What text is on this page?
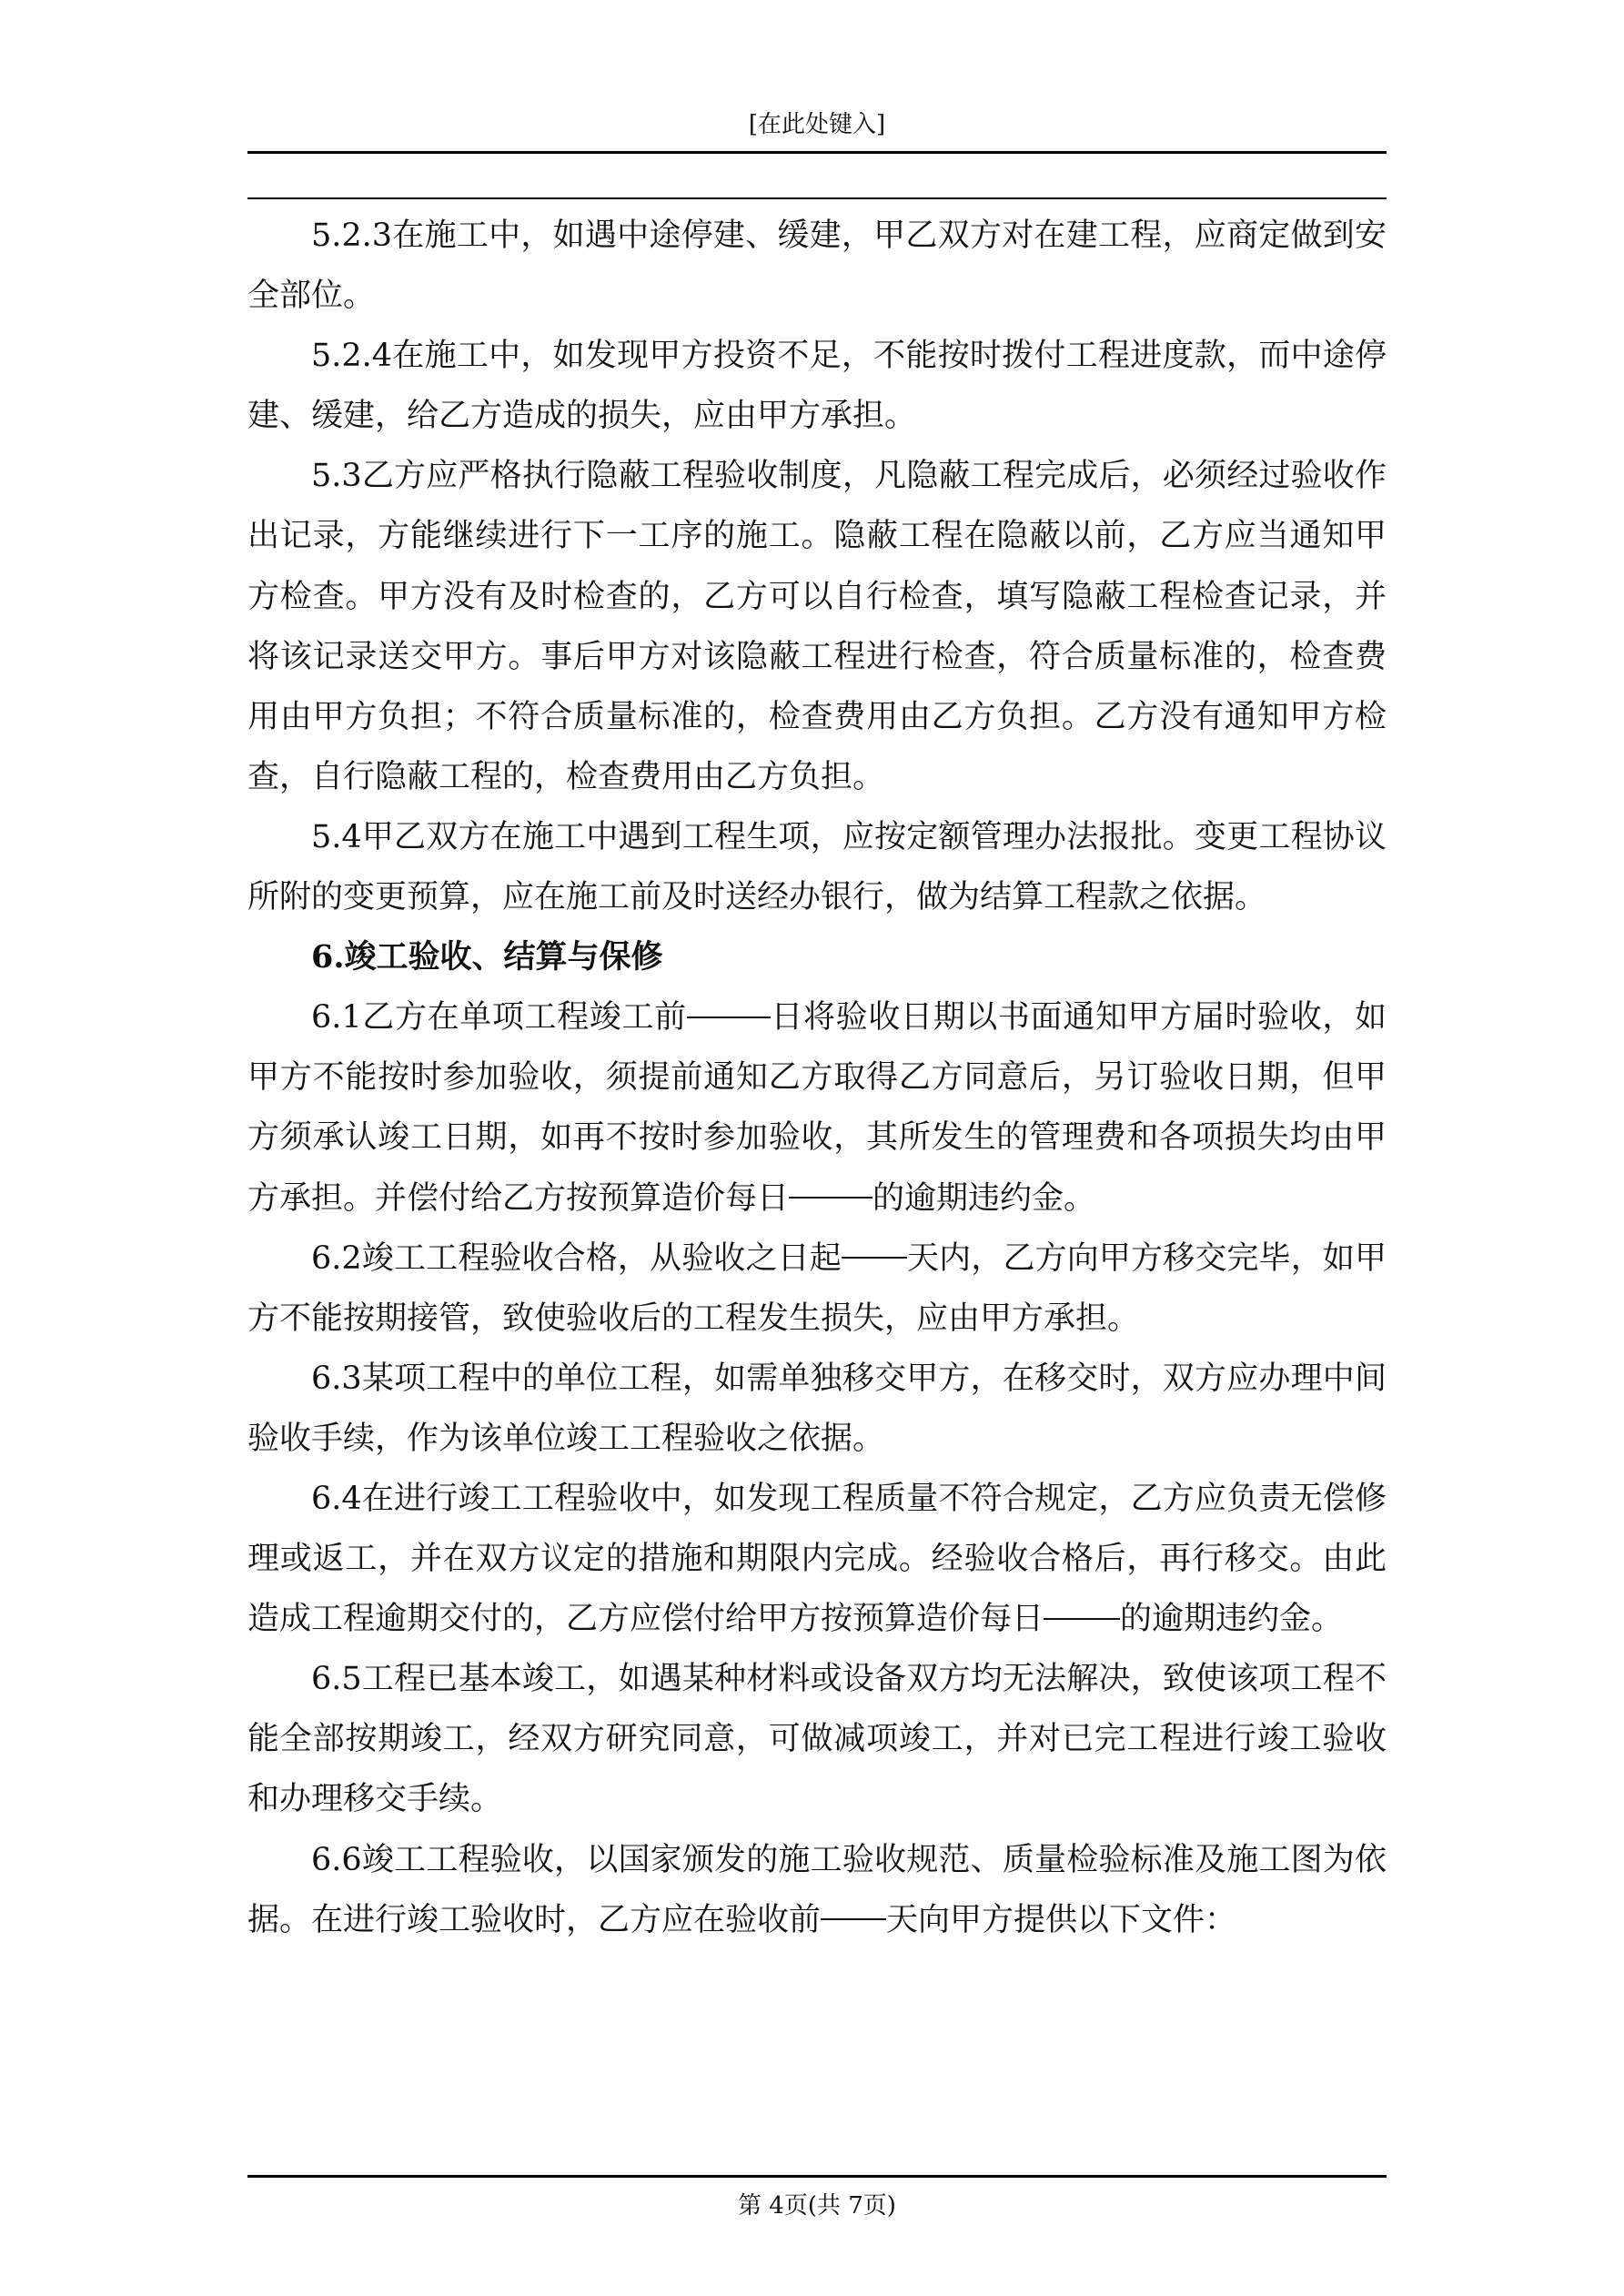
[在此处键入]

5.2.3在施工中，如遇中途停建、缓建，甲乙双方对在建工程，应商定做到安全部位。

5.2.4在施工中，如发现甲方投资不足，不能按时拨付工程进度款，而中途停建、缓建，给乙方造成的损失，应由甲方承担。

5.3乙方应严格执行隐蔽工程验收制度，凡隐蔽工程完成后，必须经过验收作出记录，方能继续进行下一工序的施工。隐蔽工程在隐蔽以前，乙方应当通知甲方检查。甲方没有及时检查的，乙方可以自行检查，填写隐蔽工程检查记录，并将该记录送交甲方。事后甲方对该隐蔽工程进行检查，符合质量标准的，检查费用由甲方负担；不符合质量标准的，检查费用由乙方负担。乙方没有通知甲方检查，自行隐蔽工程的，检查费用由乙方负担。

5.4甲乙双方在施工中遇到工程生项，应按定额管理办法报批。变更工程协议所附的变更预算，应在施工前及时送经办银行，做为结算工程款之依据。

6.竣工验收、结算与保修

6.1乙方在单项工程竣工前	日将验收日期以书面通知甲方届时验收，如甲方不能按时参加验收，须提前通知乙方取得乙方同意后，另订验收日期，但甲方须承认竣工日期，如再不按时参加验收，其所发生的管理费和各项损失均由甲方承担。并偿付给乙方按预算造价每日	的逾期违约金。

6.2竣工工程验收合格，从验收之日起 天内，乙方向甲方移交完毕，如甲方不能按期接管，致使验收后的工程发生损失，应由甲方承担。

6.3某项工程中的单位工程，如需单独移交甲方，在移交时，双方应办理中间验收手续，作为该单位竣工工程验收之依据。

6.4在进行竣工工程验收中，如发现工程质量不符合规定，乙方应负责无偿修理或返工，并在双方议定的措施和期限内完成。经验收合格后，再行移交。由此造成工程逾期交付的，乙方应偿付给甲方按预算造价每日 的逾期违约金。

6.5工程已基本竣工，如遇某种材料或设备双方均无法解决，致使该项工程不能全部按期竣工，经双方研究同意，可做减项竣工，并对已完工程进行竣工验收和办理移交手续。

6.6竣工工程验收，以国家颁发的施工验收规范、质量检验标准及施工图为依据。在进行竣工验收时，乙方应在验收前 天向甲方提供以下文件：

第 4页(共 7页)
